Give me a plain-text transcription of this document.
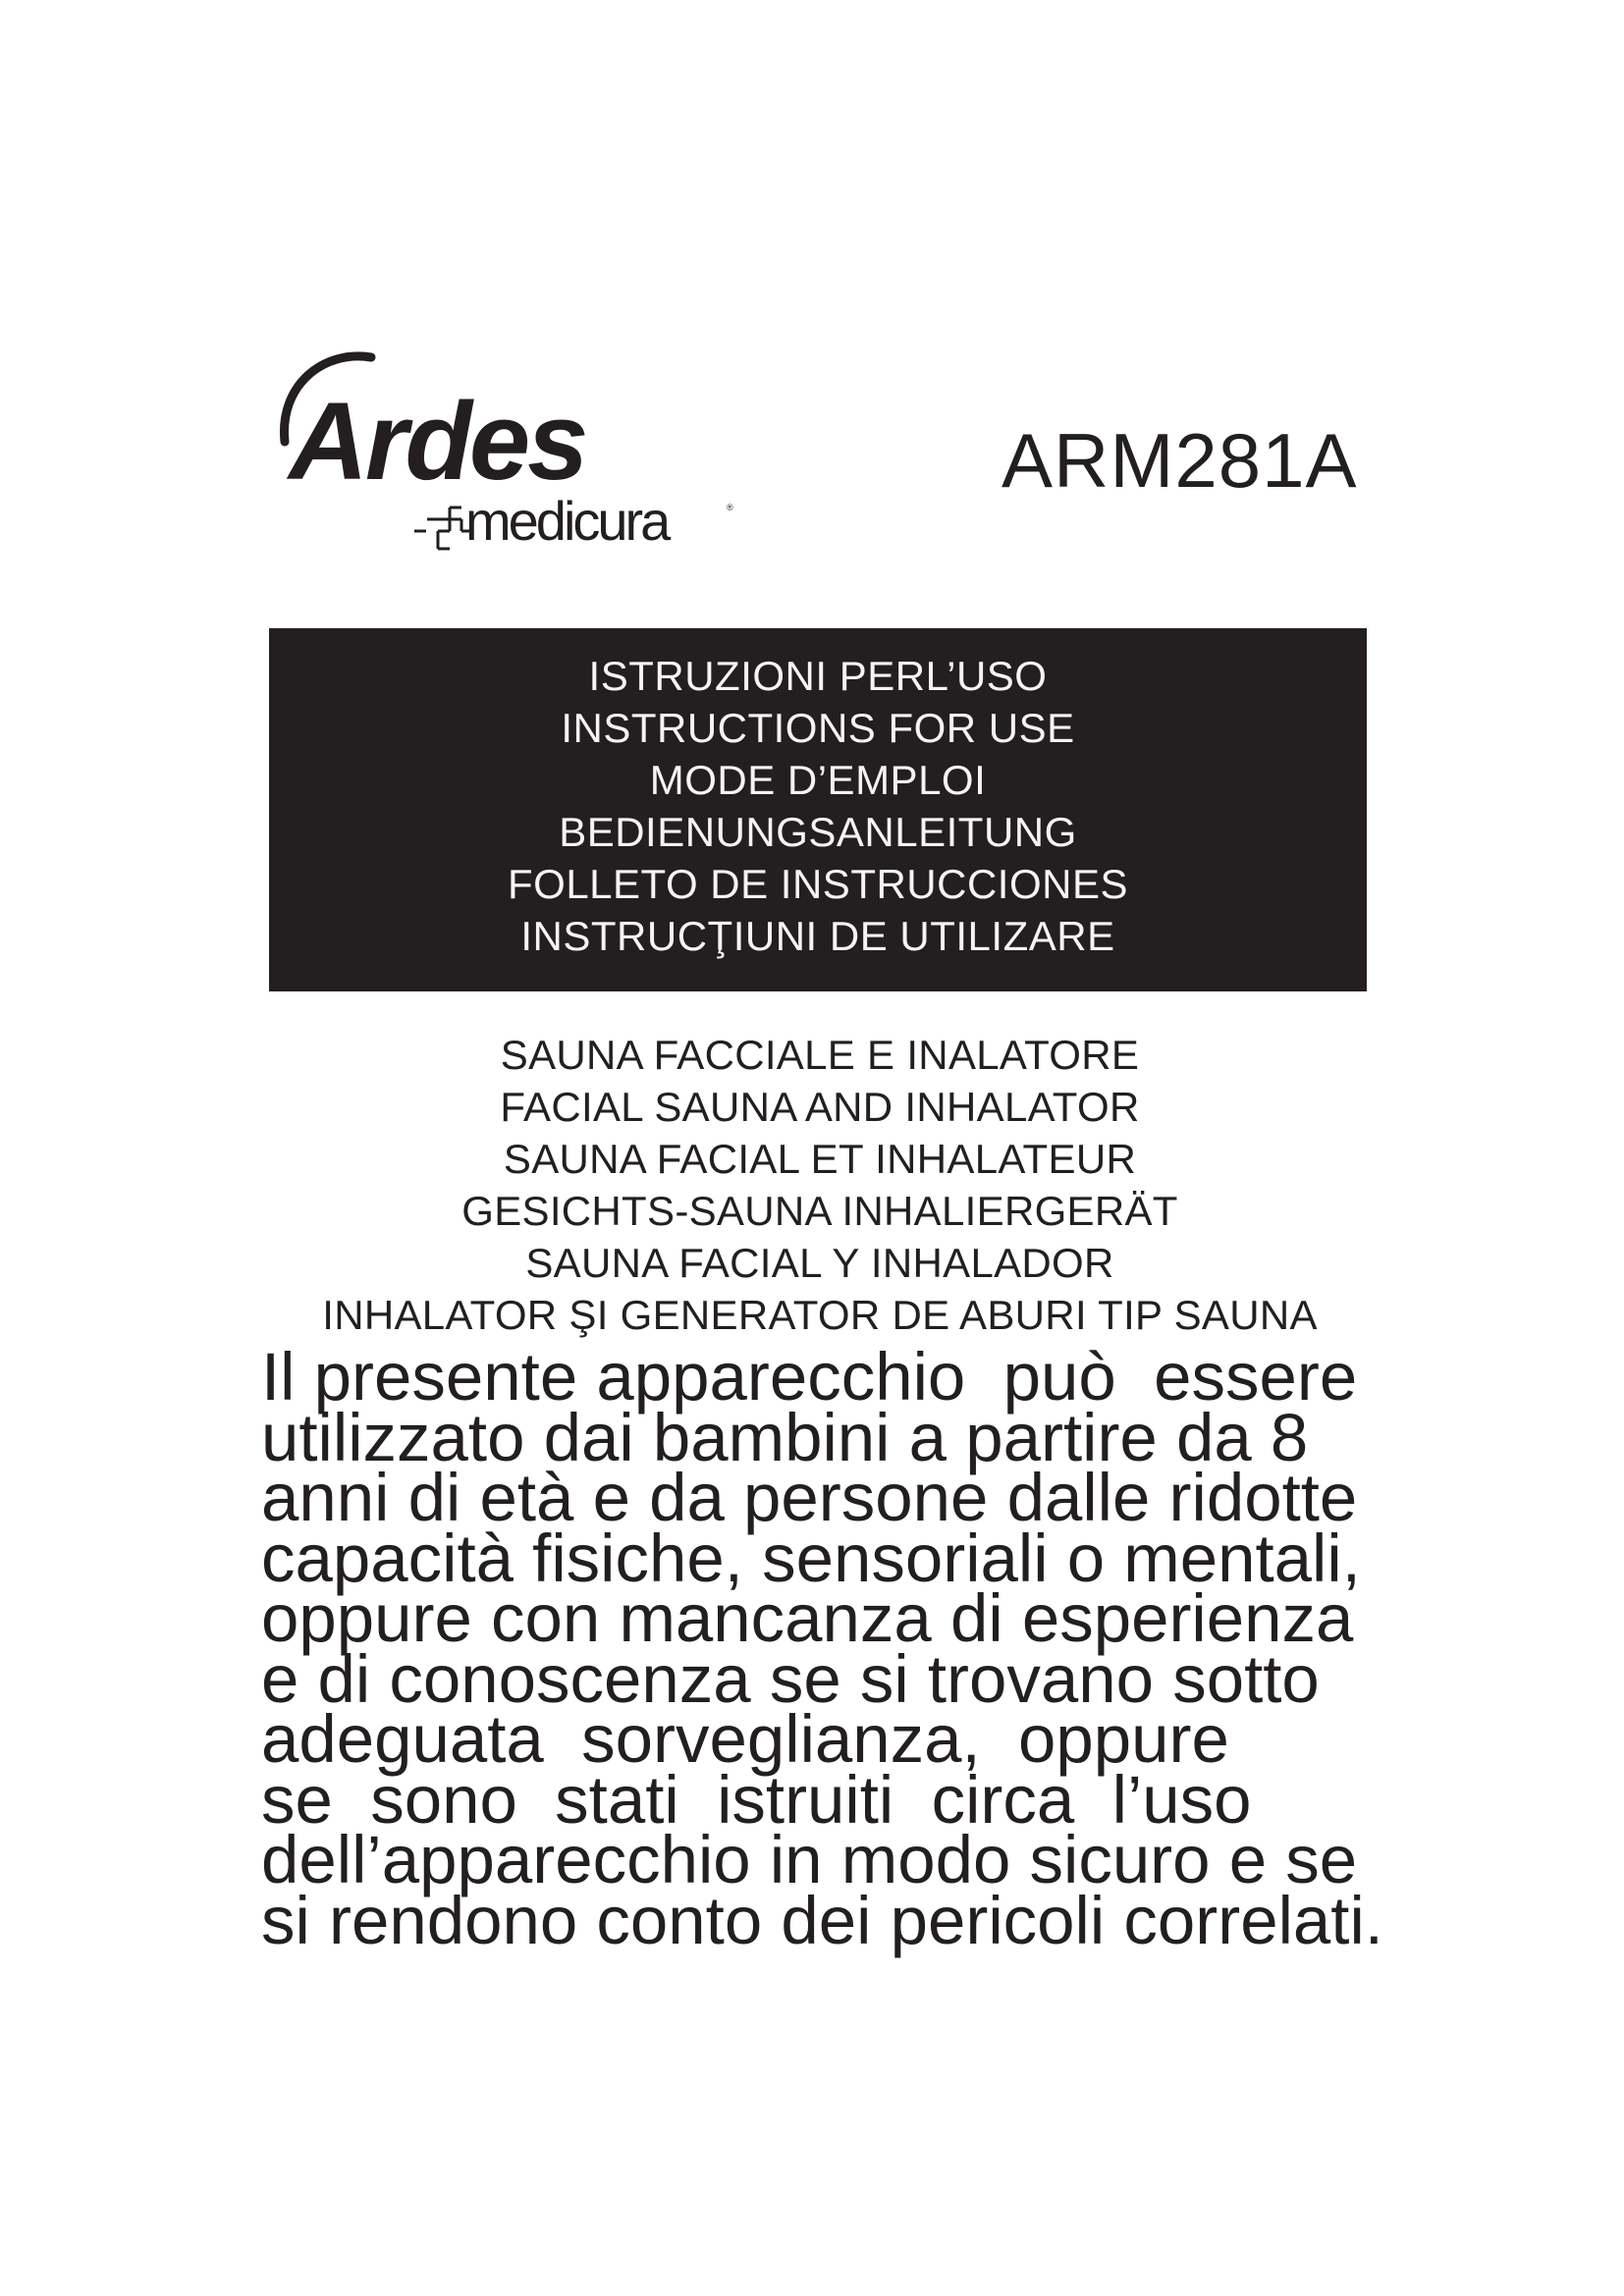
Ardes
medicura	®
ARM281A
ISTRUZIONI PERL’USO
INSTRUCTIONS FOR USE
MODE D’EMPLOI
BEDIENUNGSANLEITUNG
FOLLETO DE INSTRUCCIONES
INSTRUCŢIUNI DE UTILIZARE
SAUNA FACCIALE E INALATORE
FACIAL SAUNA AND INHALATOR
SAUNA FACIAL ET INHALATEUR
GESICHTS-SAUNA INHALIERGERÄT
SAUNA FACIAL Y INHALADOR
INHALATOR ŞI GENERATOR DE ABURI TIP SAUNA
Il presente apparecchio  può  essere
utilizzato dai bambini a partire da 8
anni di età e da persone dalle ridotte
capacità fisiche, sensoriali o mentali,
oppure con mancanza di esperienza
e di conoscenza se si trovano sotto
adeguata  sorveglianza,  oppure
se  sono  stati  istruiti  circa  l’uso
dell’apparecchio in modo sicuro e se
si rendono conto dei pericoli correlati.
